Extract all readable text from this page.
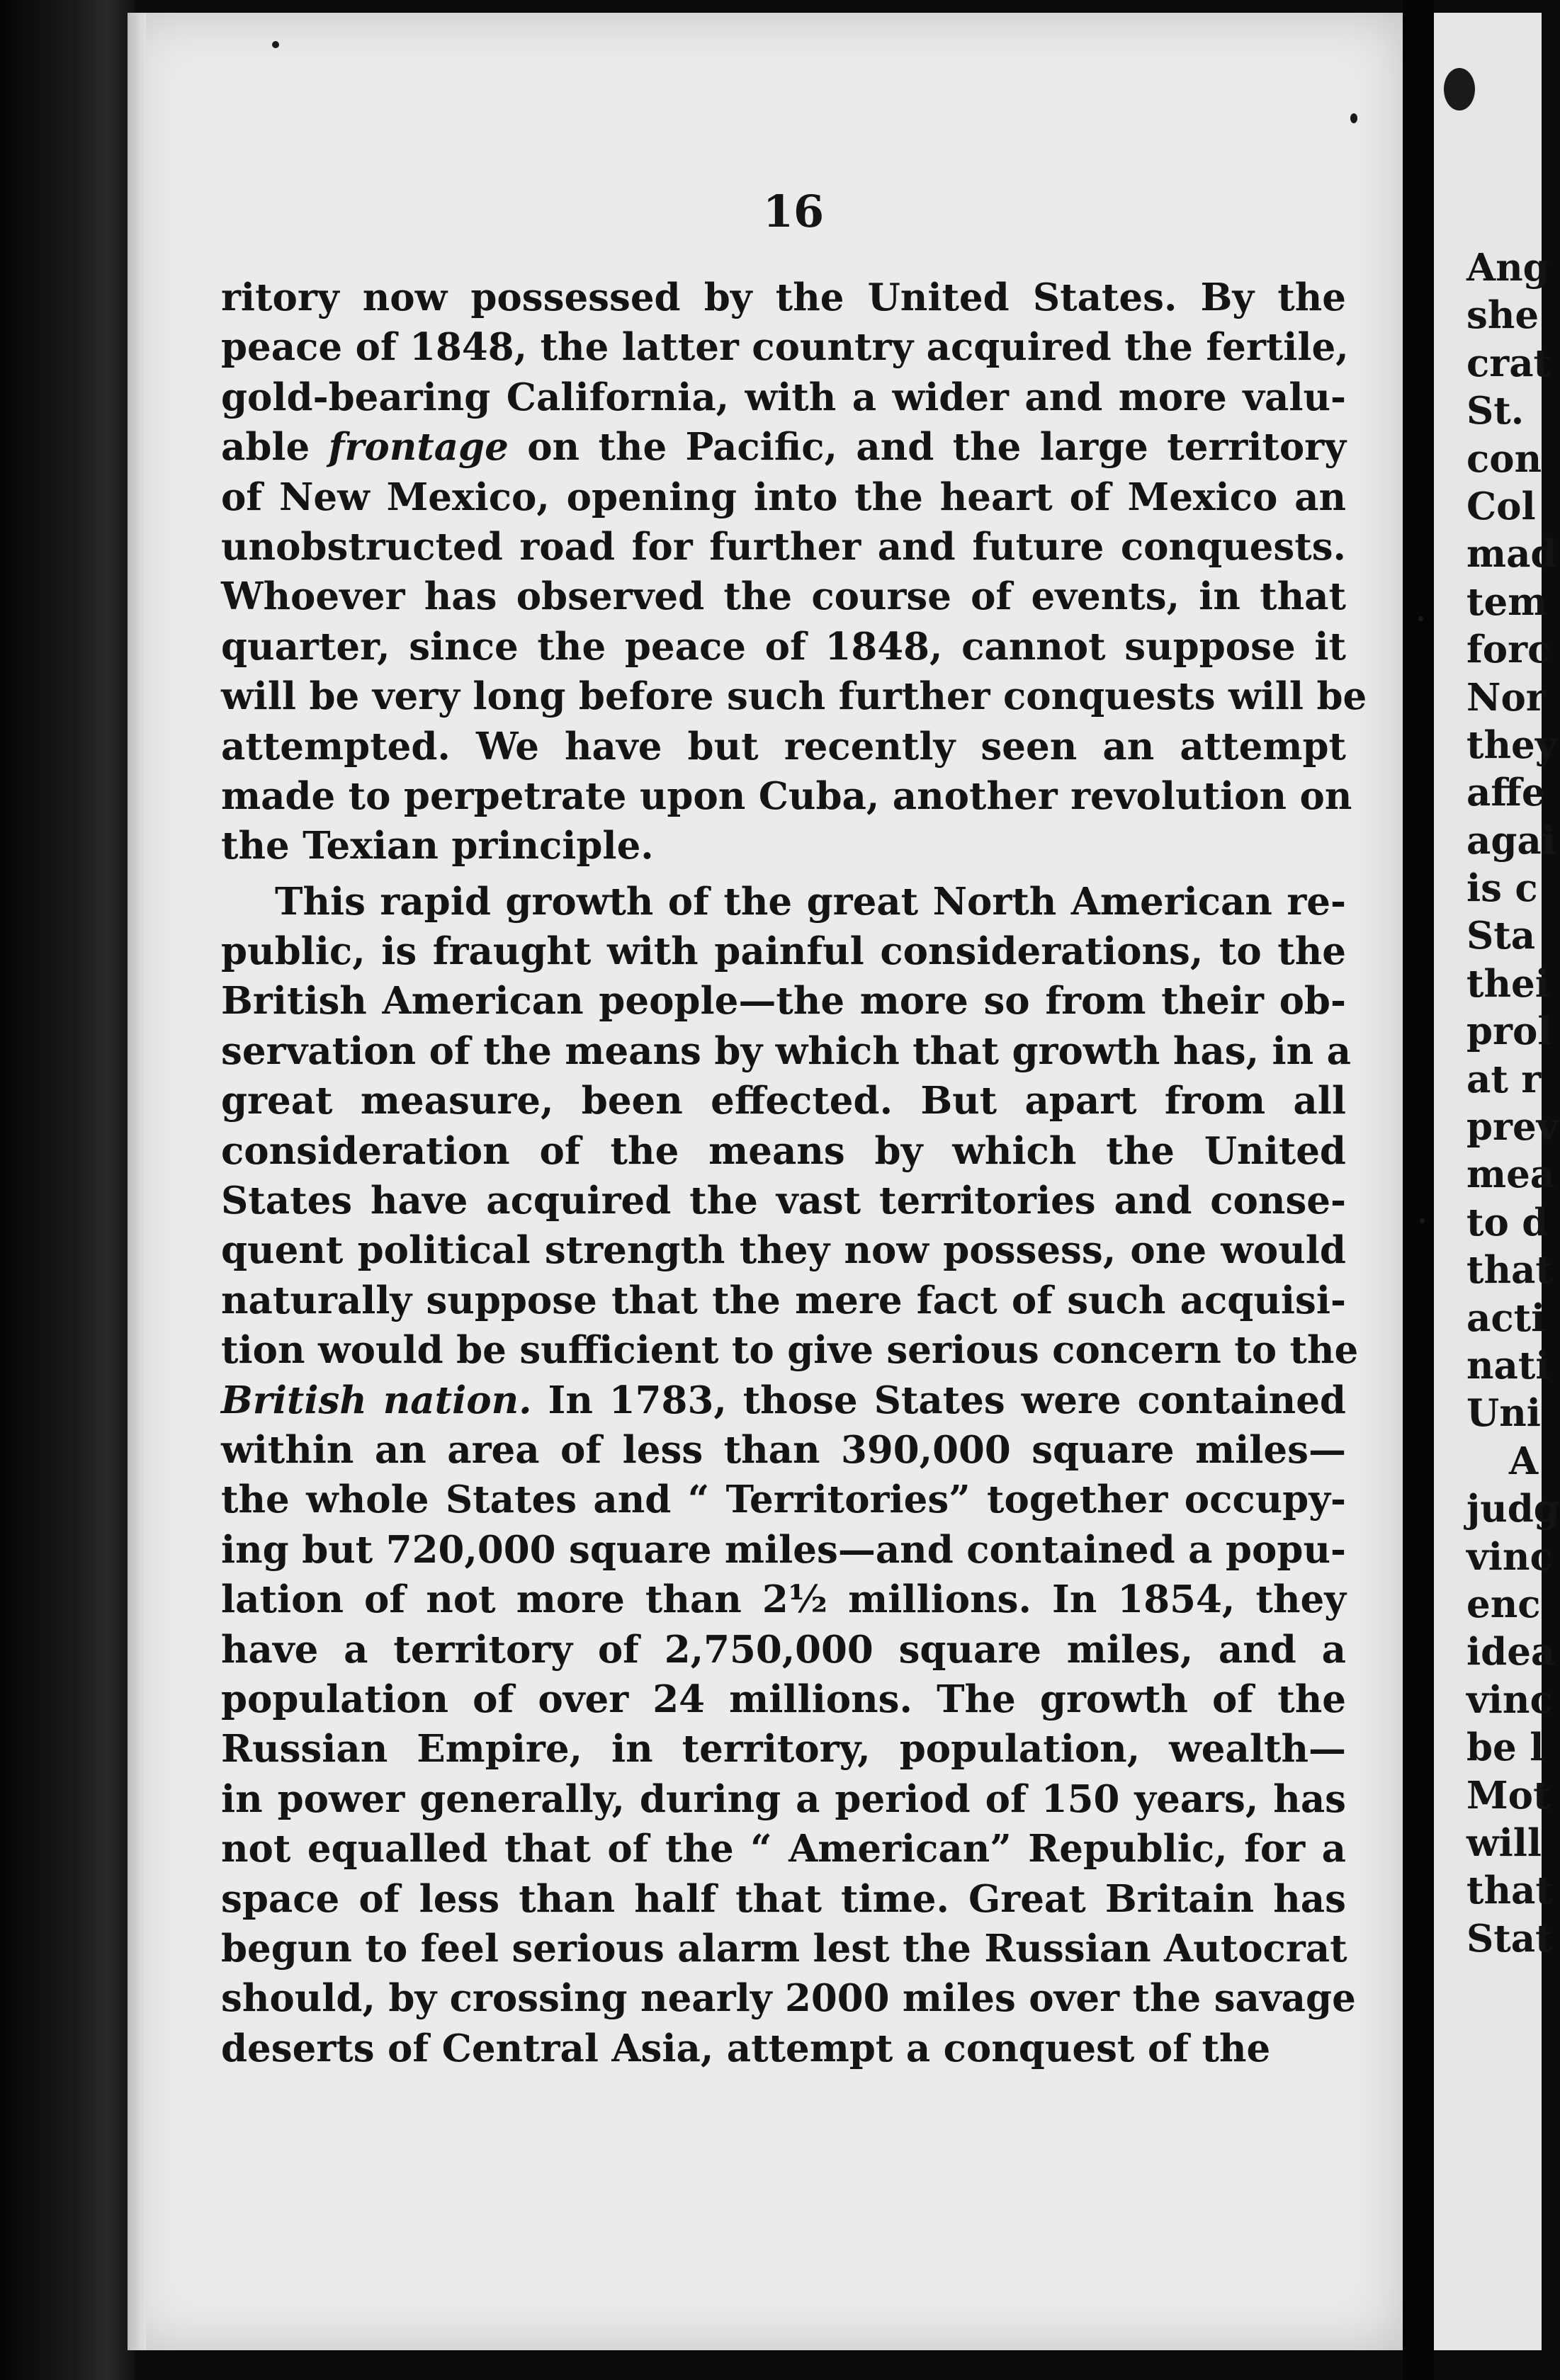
16
ritory now possessed by the United States. By the
peace of 1848, the latter country acquired the fertile,
gold-bearing California, with a wider and more valu-
able frontage on the Pacific, and the large territory
of New Mexico, opening into the heart of Mexico an
unobstructed road for further and future conquests.
Whoever has observed the course of events, in that
quarter, since the peace of 1848, cannot suppose it
will be very long before such further conquests will be
attempted. We have but recently seen an attempt
made to perpetrate upon Cuba, another revolution on
the Texian principle.
This rapid growth of the great North American re-
public, is fraught with painful considerations, to the
British American people—the more so from their ob-
servation of the means by which that growth has, in a
great measure, been effected. But apart from all
consideration of the means by which the United
States have acquired the vast territories and conse-
quent political strength they now possess, one would
naturally suppose that the mere fact of such acquisi-
tion would be sufficient to give serious concern to the
British nation. In 1783, those States were contained
within an area of less than 390,000 square miles—
the whole States and “ Territories” together occupy-
ing but 720,000 square miles—and contained a popu-
lation of not more than 2½ millions. In 1854, they
have a territory of 2,750,000 square miles, and a
population of over 24 millions. The growth of the
Russian Empire, in territory, population, wealth—
in power generally, during a period of 150 years, has
not equalled that of the “ American” Republic, for a
space of less than half that time. Great Britain has
begun to feel serious alarm lest the Russian Autocrat
should, by crossing nearly 2000 miles over the savage
deserts of Central Asia, attempt a conquest of the
Ang
she
crat
St.
con
Col
mad
tem
forc
Nor
they
affe
agai
is c
Sta
thei
prol
at r
prev
mea
to d
that
acti
nati
Uni
A
judg
vinc
enc
idea
vinc
be l
Mot
will
that
Stat
